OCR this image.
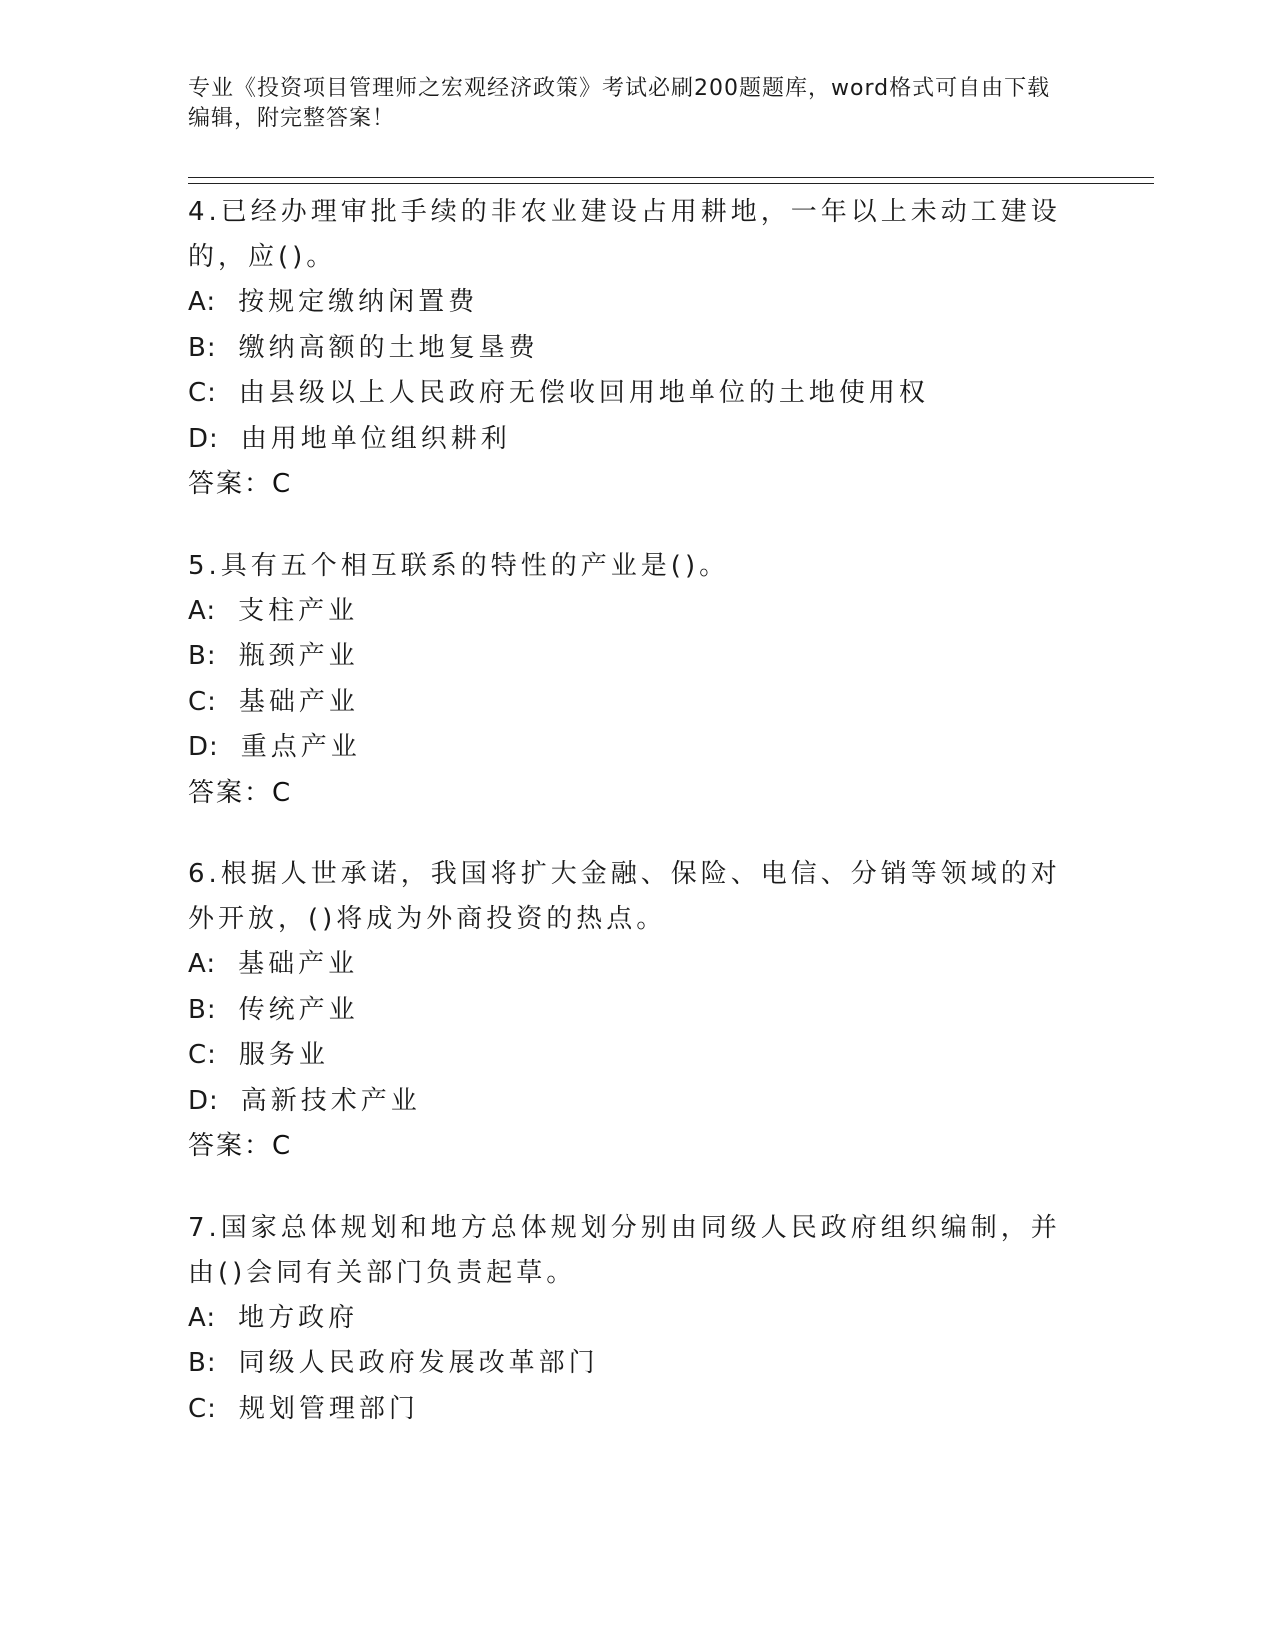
专业《投资项目管理师之宏观经济政策》考试必刷200题题库，word格式可自由下载编辑，附完整答案！
4.已经办理审批手续的非农业建设占用耕地，一年以上未动工建设的，应()。
A: 按规定缴纳闲置费
B: 缴纳高额的土地复垦费
C: 由县级以上人民政府无偿收回用地单位的土地使用权
D: 由用地单位组织耕利
答案：C
5.具有五个相互联系的特性的产业是()。
A: 支柱产业
B: 瓶颈产业
C: 基础产业
D: 重点产业
答案：C
6.根据人世承诺，我国将扩大金融、保险、电信、分销等领域的对外开放，()将成为外商投资的热点。
A: 基础产业
B: 传统产业
C: 服务业
D: 高新技术产业
答案：C
7.国家总体规划和地方总体规划分别由同级人民政府组织编制，并由()会同有关部门负责起草。
A: 地方政府
B: 同级人民政府发展改革部门
C: 规划管理部门
